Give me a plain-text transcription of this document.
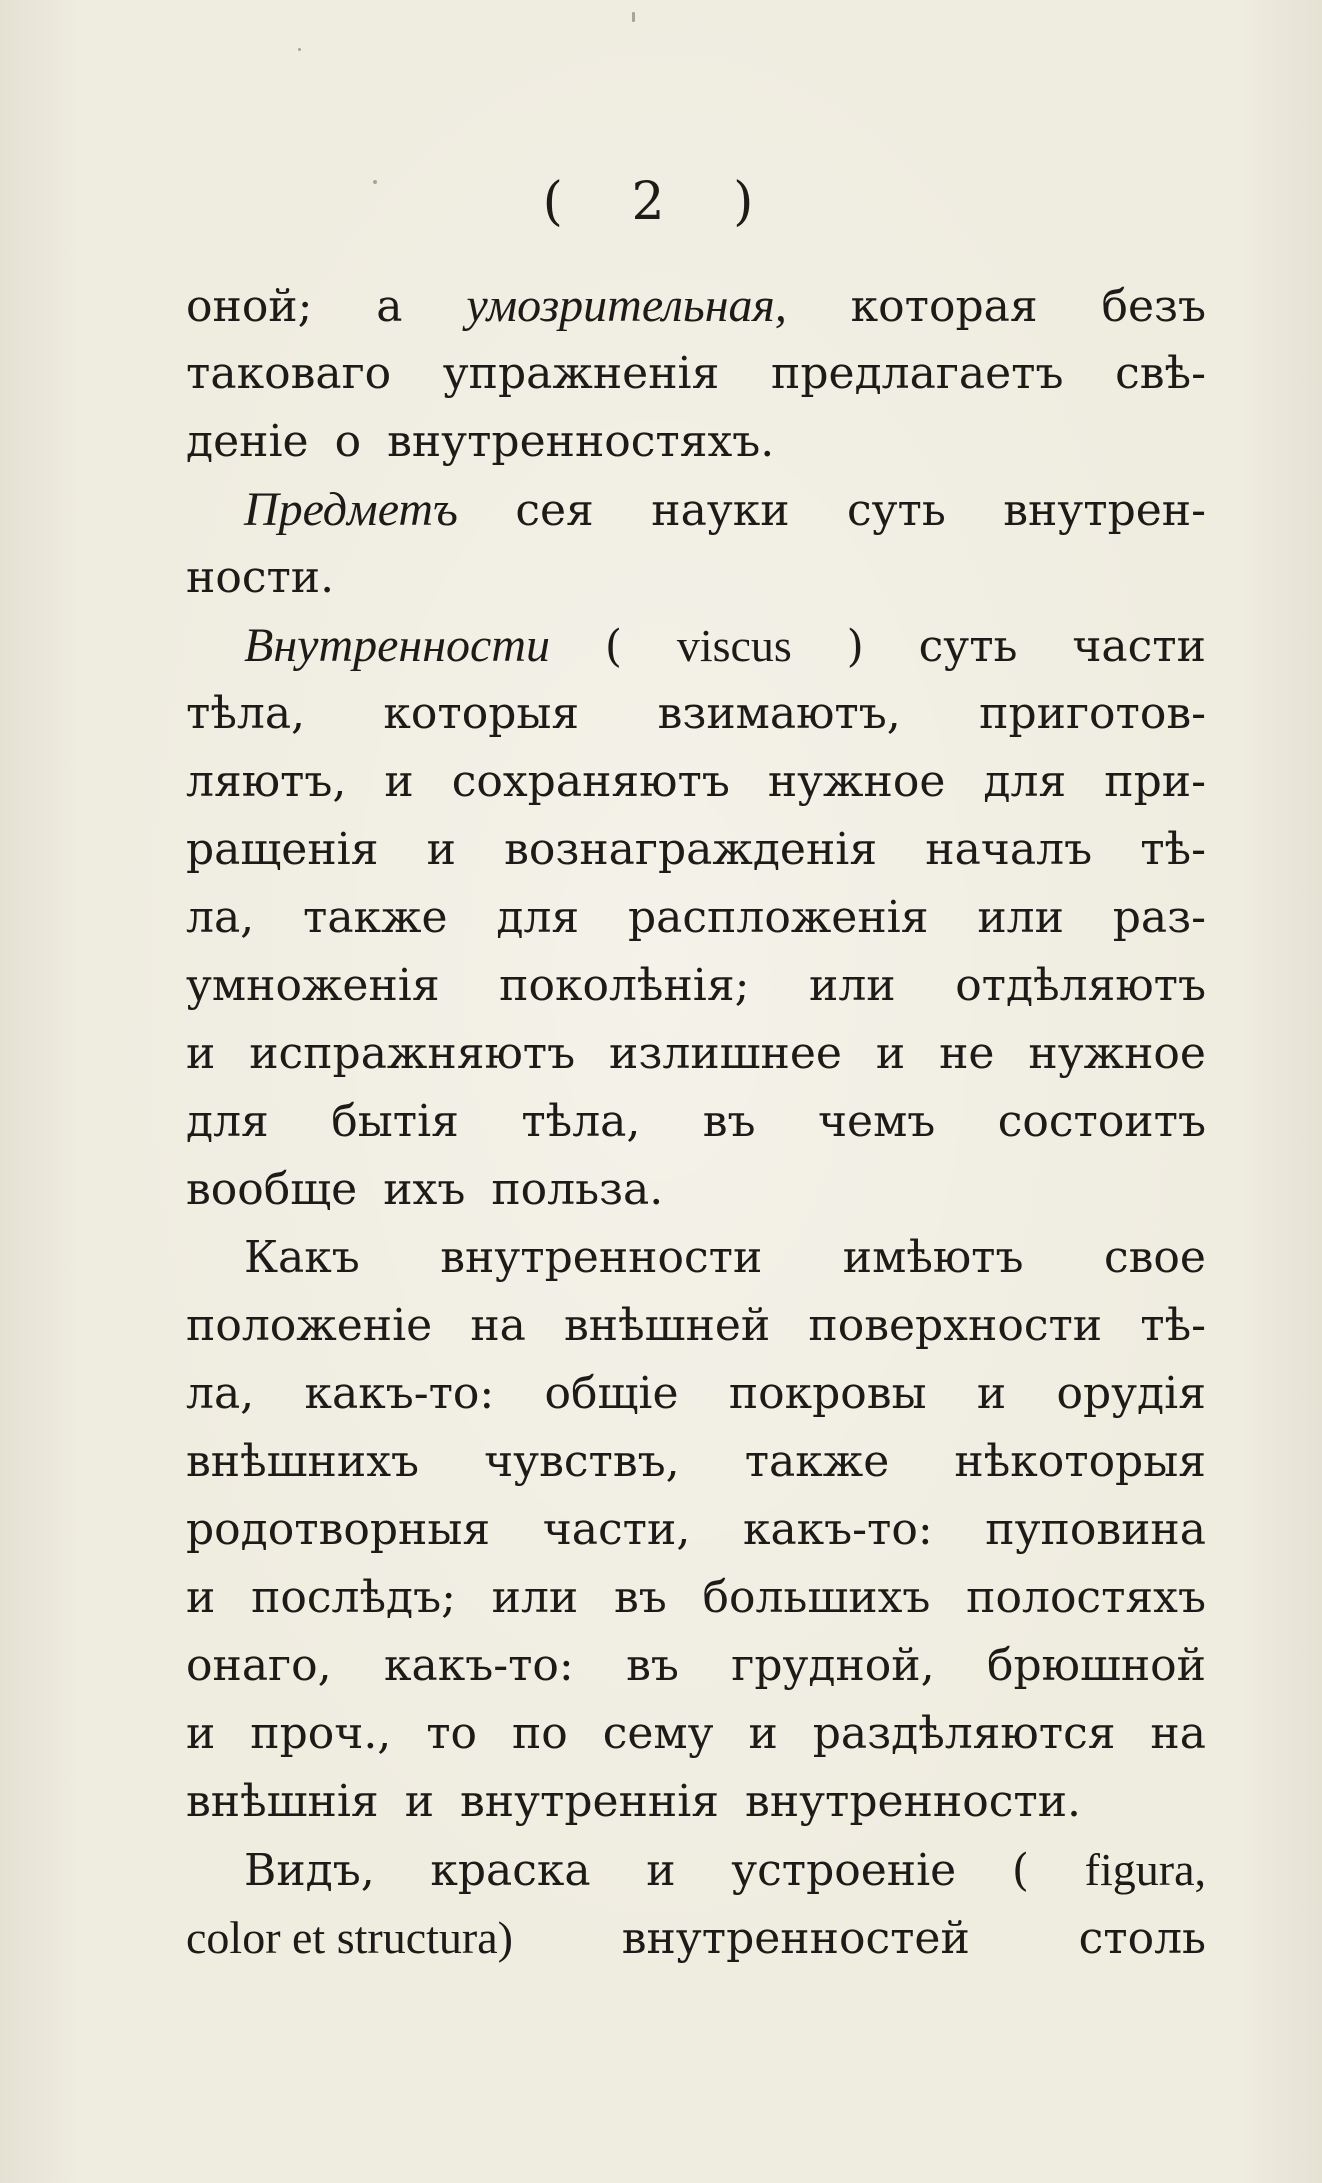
( 2 )
оной; а умозрительная, которая безъ
таковаго упражненія предлагаетъ свѣ-
деніе о внутренностяхъ.
Предметъ сея науки суть внутрен-
ности.
Внутренности ( viscus ) суть части
тѣла, которыя взимаютъ, приготов-
ляютъ, и сохраняютъ нужное для при-
ращенія и вознагражденія началъ тѣ-
ла, также для распложенія или раз-
умноженія поколѣнія; или отдѣляютъ
и испражняютъ излишнее и не нужное
для бытія тѣла, въ чемъ состоитъ
вообще ихъ польза.
Какъ внутренности имѣютъ свое
положеніе на внѣшней поверхности тѣ-
ла, какъ-то: общіе покровы и орудія
внѣшнихъ чувствъ, также нѣкоторыя
родотворныя части, какъ-то: пуповина
и послѣдъ; или въ большихъ полостяхъ
онаго, какъ-то: въ грудной, брюшной
и проч., то по сему и раздѣляются на
внѣшнія и внутреннія внутренности.
Видъ, краска и устроеніе ( figura,
color et structura) внутренностей столь
